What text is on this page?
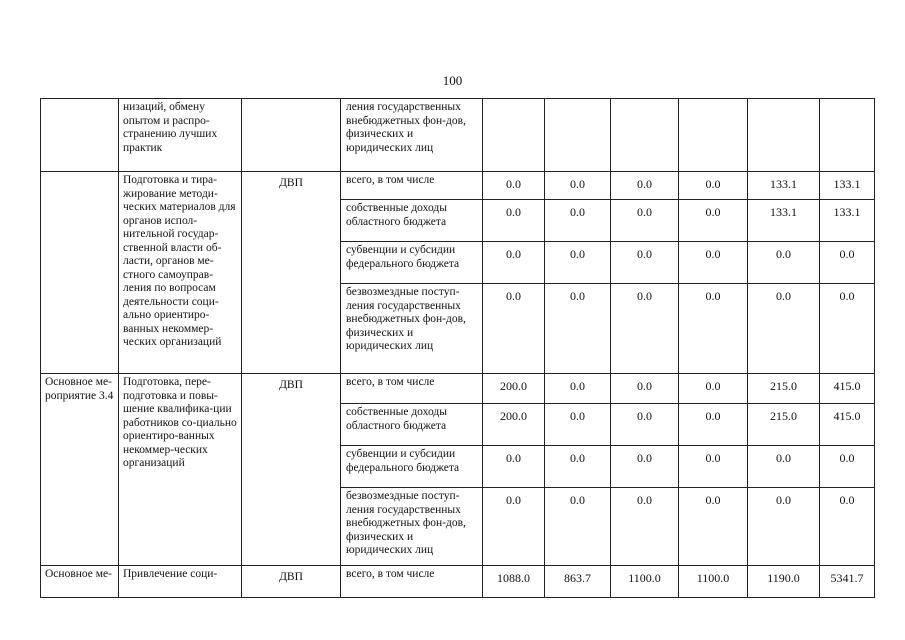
100
	низаций, обмену опытом и распро-странению лучших практик		ления государственных внебюджетных фон-дов, физических и юридических лиц						
	Подготовка и тира-жирование методи-ческих материалов для органов испол-нительной государ-ственной власти об-ласти, органов ме-стного самоуправ-ления по вопросам деятельности соци-ально ориентиро-ванных некоммер-ческих организаций	ДВП	всего, в том числе	0.0	0.0	0.0	0.0	133.1	133.1
			собственные доходы областного бюджета	0.0	0.0	0.0	0.0	133.1	133.1
			субвенции и субсидии федерального бюджета	0.0	0.0	0.0	0.0	0.0	0.0
			безвозмездные поступ-ления государственных внебюджетных фон-дов, физических и юридических лиц	0.0	0.0	0.0	0.0	0.0	0.0
Основное ме-роприятие 3.4	Подготовка, пере-подготовка и повы-шение квалифика-ции работников со-циально ориентиро-ванных некоммер-ческих организаций	ДВП	всего, в том числе	200.0	0.0	0.0	0.0	215.0	415.0
			собственные доходы областного бюджета	200.0	0.0	0.0	0.0	215.0	415.0
			субвенции и субсидии федерального бюджета	0.0	0.0	0.0	0.0	0.0	0.0
			безвозмездные поступ-ления государственных внебюджетных фон-дов, физических и юридических лиц	0.0	0.0	0.0	0.0	0.0	0.0
Основное ме-	Привлечение соци-	ДВП	всего, в том числе	1088.0	863.7	1100.0	1100.0	1190.0	5341.7
